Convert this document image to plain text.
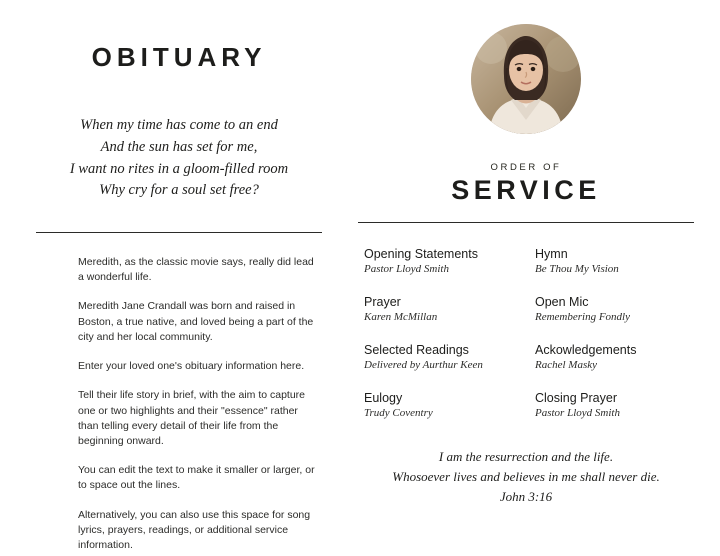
OBITUARY
When my time has come to an end
And the sun has set for me,
I want no rites in a gloom-filled room
Why cry for a soul set free?

Meredith, as the classic movie says, really did lead a wonderful life.

Meredith Jane Crandall was born and raised in Boston, a true native, and loved being a part of the city and her local community.

Enter your loved one's obituary information here.

Tell their life story in brief, with the aim to capture one or two highlights and their "essence" rather than telling every detail of their life from the beginning onward.

You can edit the text to make it smaller or larger, or to space out the lines.

Alternatively, you can also use this space for song lyrics, prayers, readings, or additional service information.

ORDER OF
SERVICE

Opening Statements

Pastor Lloyd Smith

Hymn

Be Thou My Vision

Prayer

Karen McMillan

Open Mic

Remembering Fondly

Selected Readings

Delivered by Aurthur Keen

Ackowledgements

Rachel Masky

Eulogy

Trudy Coventry

Closing Prayer

Pastor Lloyd Smith

I am the resurrection and the life.
Whosoever lives and believes in me shall never die.
John 3:16
